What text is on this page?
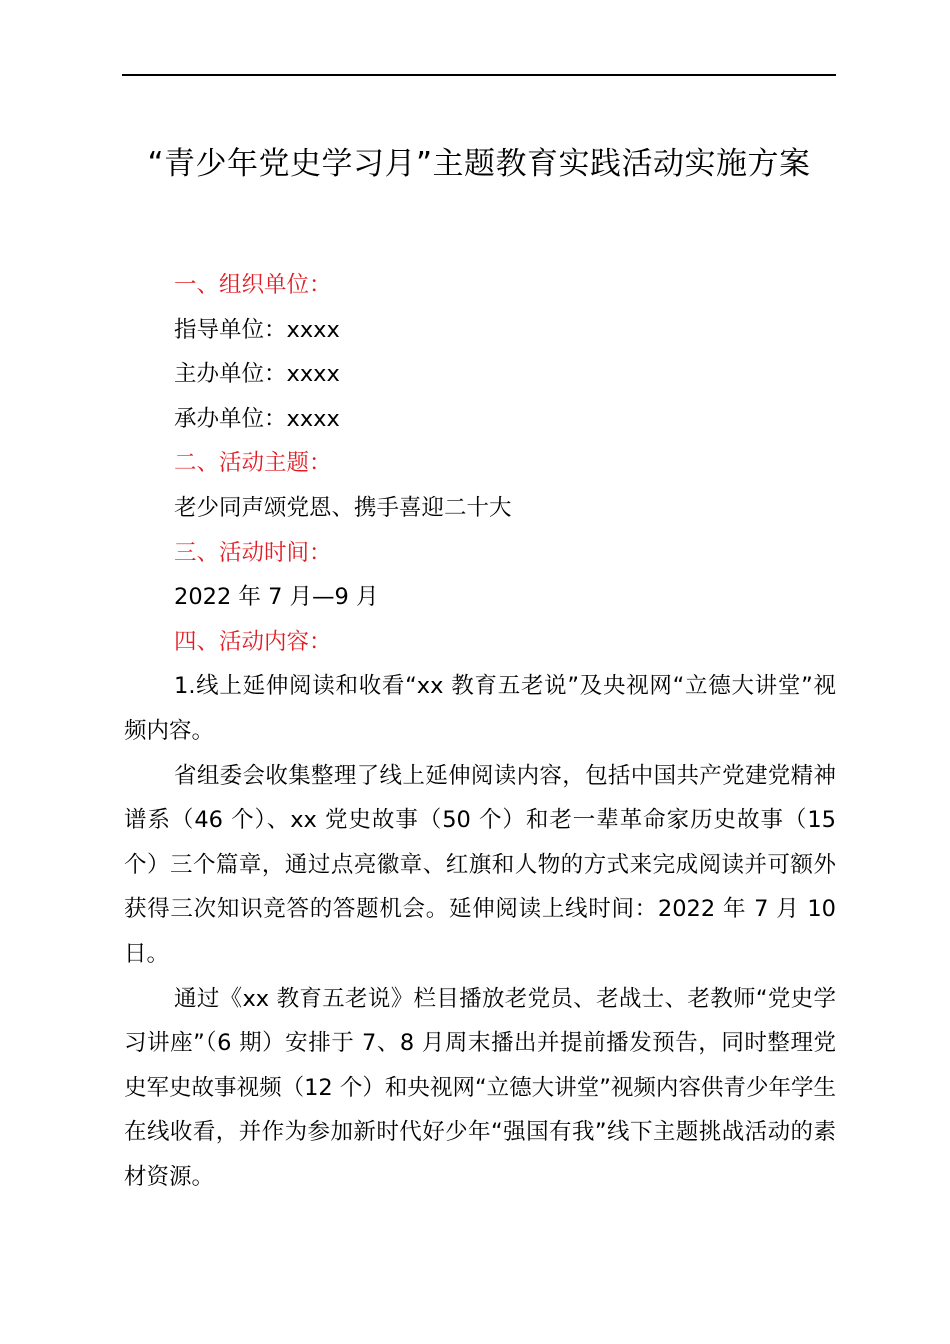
“青少年党史学习月”主题教育实践活动实施方案

一、组织单位：

指导单位：xxxx

主办单位：xxxx

承办单位：xxxx

二、活动主题：

老少同声颂党恩、携手喜迎二十大

三、活动时间：

2022 年 7 月—9 月

四、活动内容：

1.线上延伸阅读和收看“xx 教育五老说”及央视网“立德大讲堂”视频内容。

省组委会收集整理了线上延伸阅读内容，包括中国共产党建党精神谱系（46 个）、xx 党史故事（50 个）和老一辈革命家历史故事（15 个）三个篇章，通过点亮徽章、红旗和人物的方式来完成阅读并可额外获得三次知识竞答的答题机会。延伸阅读上线时间：2022 年 7 月 10 日。

通过《xx 教育五老说》栏目播放老党员、老战士、老教师“党史学习讲座”（6 期）安排于 7、8 月周末播出并提前播发预告，同时整理党史军史故事视频（12 个）和央视网“立德大讲堂”视频内容供青少年学生在线收看，并作为参加新时代好少年“强国有我”线下主题挑战活动的素材资源。
